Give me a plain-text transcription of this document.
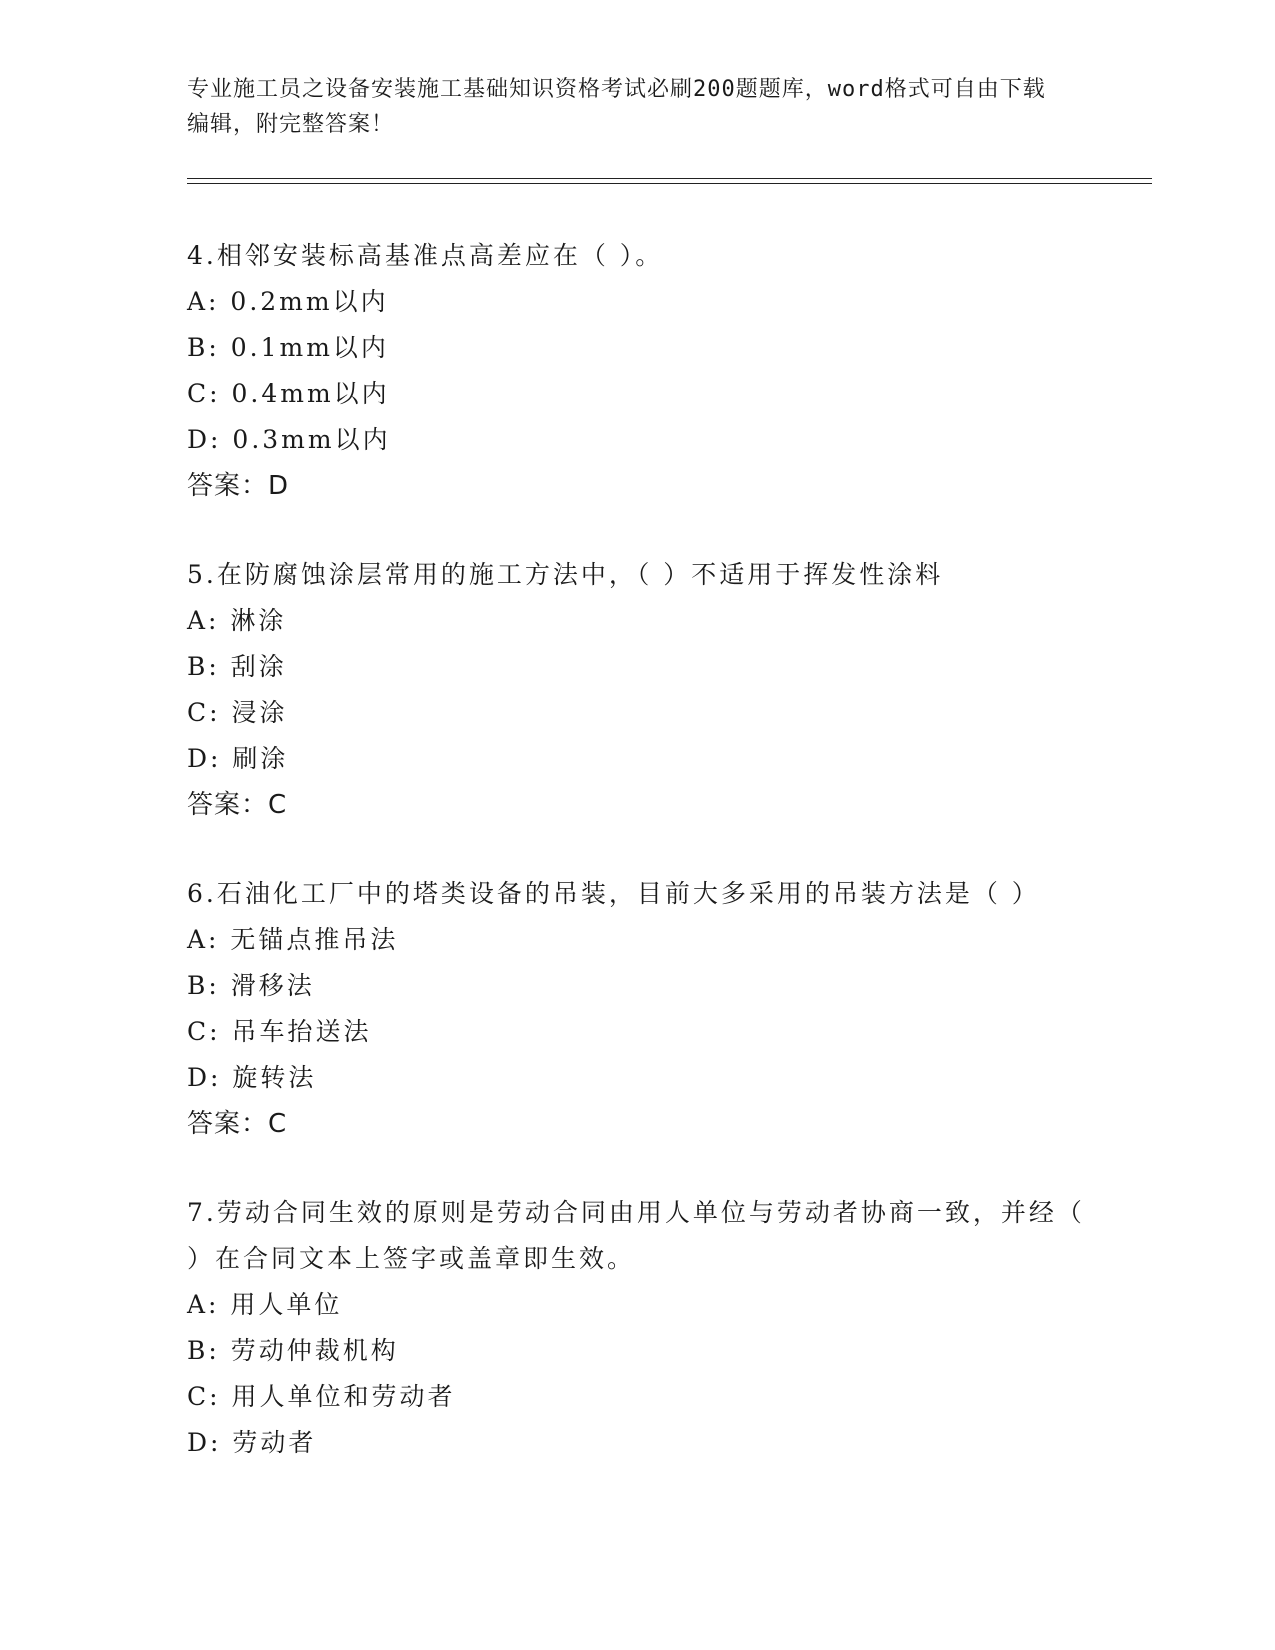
专业施工员之设备安装施工基础知识资格考试必刷200题题库，word格式可自由下载编辑，附完整答案！

4.相邻安装标高基准点高差应在（ ）。

A: 0.2mm以内
B: 0.1mm以内
C: 0.4mm以内
D: 0.3mm以内
答案：D

5.在防腐蚀涂层常用的施工方法中，（ ）不适用于挥发性涂料

A: 淋涂
B: 刮涂
C: 浸涂
D: 刷涂
答案：C

6.石油化工厂中的塔类设备的吊装，目前大多采用的吊装方法是（ ）

A: 无锚点推吊法
B: 滑移法
C: 吊车抬送法
D: 旋转法
答案：C

7.劳动合同生效的原则是劳动合同由用人单位与劳动者协商一致，并经（ ）在合同文本上签字或盖章即生效。

A: 用人单位
B: 劳动仲裁机构
C: 用人单位和劳动者
D: 劳动者
